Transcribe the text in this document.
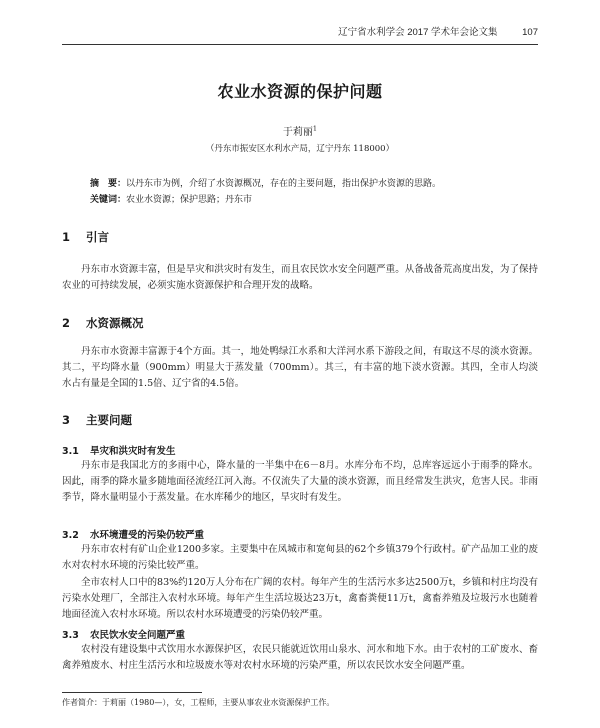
辽宁省水利学会 2017 学术年会论文集	107
农业水资源的保护问题
于莉丽$^1$
（丹东市振安区水利水产局，辽宁丹东 118000）
摘　要：以丹东市为例，介绍了水资源概况，存在的主要问题，指出保护水资源的思路。
关键词：农业水资源；保护思路；丹东市
1 引言

丹东市水资源丰富，但是旱灾和洪灾时有发生，而且农民饮水安全问题严重。从备战备荒高度出发，为了保持农业的可持续发展，必须实施水资源保护和合理开发的战略。

2 水资源概况

丹东市水资源丰富源于4个方面。其一，地处鸭绿江水系和大洋河水系下游段之间，有取这不尽的淡水资源。其二，平均降水量（900mm）明显大于蒸发量（700mm）。其三，有丰富的地下淡水资源。其四，全市人均淡水占有量是全国的1.5倍、辽宁省的4.5倍。

3 主要问题
3.1 旱灾和洪灾时有发生

丹东市是我国北方的多雨中心，降水量的一半集中在6－8月。水库分布不均，总库容远远小于雨季的降水。因此，雨季的降水量多随地面径流经江河入海。不仅流失了大量的淡水资源，而且经常发生洪灾，危害人民。非雨季节，降水量明显小于蒸发量。在水库稀少的地区，旱灾时有发生。

3.2 水环境遭受的污染仍较严重

丹东市农村有矿山企业1200多家。主要集中在凤城市和宽甸县的62个乡镇379个行政村。矿产品加工业的废水对农村水环境的污染比较严重。

全市农村人口中的83%约120万人分布在广阔的农村。每年产生的生活污水多达2500万t，乡镇和村庄均没有污染水处理厂，全部注入农村水环境。每年产生生活垃圾达23万t，禽畜粪便11万t，禽畜养殖及垃圾污水也随着地面径流入农村水环境。所以农村水环境遭受的污染仍较严重。

3.3 农民饮水安全问题严重

农村没有建设集中式饮用水水源保护区，农民只能就近饮用山泉水、河水和地下水。由于农村的工矿废水、畜禽养殖废水、村庄生活污水和垃圾废水等对农村水环境的污染严重，所以农民饮水安全问题严重。

作者简介：于莉丽（1980—），女，工程师，主要从事农业水资源保护工作。
